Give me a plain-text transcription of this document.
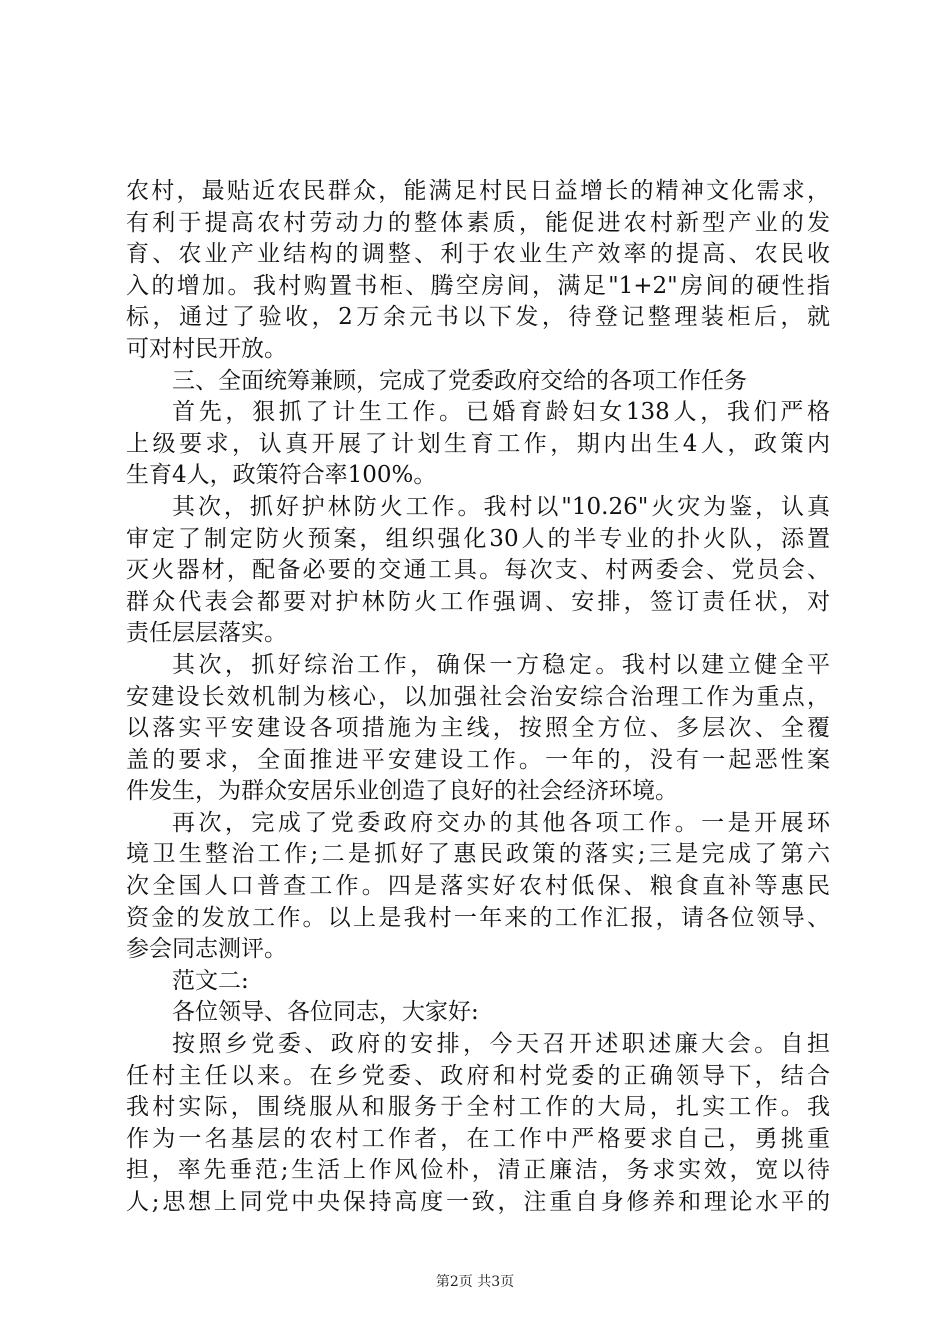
农村，最贴近农民群众，能满足村民日益增长的精神文化需求，
有利于提高农村劳动力的整体素质，能促进农村新型产业的发
育、农业产业结构的调整、利于农业生产效率的提高、农民收
入的增加。我村购置书柜、腾空房间，满足"1+2"房间的硬性指
标，通过了验收，2万余元书以下发，待登记整理装柜后，就
可对村民开放。
三、全面统筹兼顾，完成了党委政府交给的各项工作任务
首先，狠抓了计生工作。已婚育龄妇女138人，我们严格
上级要求，认真开展了计划生育工作，期内出生4人，政策内
生育4人，政策符合率100%。
其次，抓好护林防火工作。我村以"10.26"火灾为鉴，认真
审定了制定防火预案，组织强化30人的半专业的扑火队，添置
灭火器材，配备必要的交通工具。每次支、村两委会、党员会、
群众代表会都要对护林防火工作强调、安排，签订责任状，对
责任层层落实。
其次，抓好综治工作，确保一方稳定。我村以建立健全平
安建设长效机制为核心，以加强社会治安综合治理工作为重点，
以落实平安建设各项措施为主线，按照全方位、多层次、全覆
盖的要求，全面推进平安建设工作。一年的，没有一起恶性案
件发生，为群众安居乐业创造了良好的社会经济环境。
再次，完成了党委政府交办的其他各项工作。一是开展环
境卫生整治工作;二是抓好了惠民政策的落实;三是完成了第六
次全国人口普查工作。四是落实好农村低保、粮食直补等惠民
资金的发放工作。以上是我村一年来的工作汇报，请各位领导、
参会同志测评。
范文二:
各位领导、各位同志，大家好:
按照乡党委、政府的安排，今天召开述职述廉大会。自担
任村主任以来。在乡党委、政府和村党委的正确领导下，结合
我村实际，围绕服从和服务于全村工作的大局，扎实工作。我
作为一名基层的农村工作者，在工作中严格要求自己，勇挑重
担，率先垂范;生活上作风俭朴，清正廉洁，务求实效，宽以待
人;思想上同党中央保持高度一致，注重自身修养和理论水平的
第2页 共3页
